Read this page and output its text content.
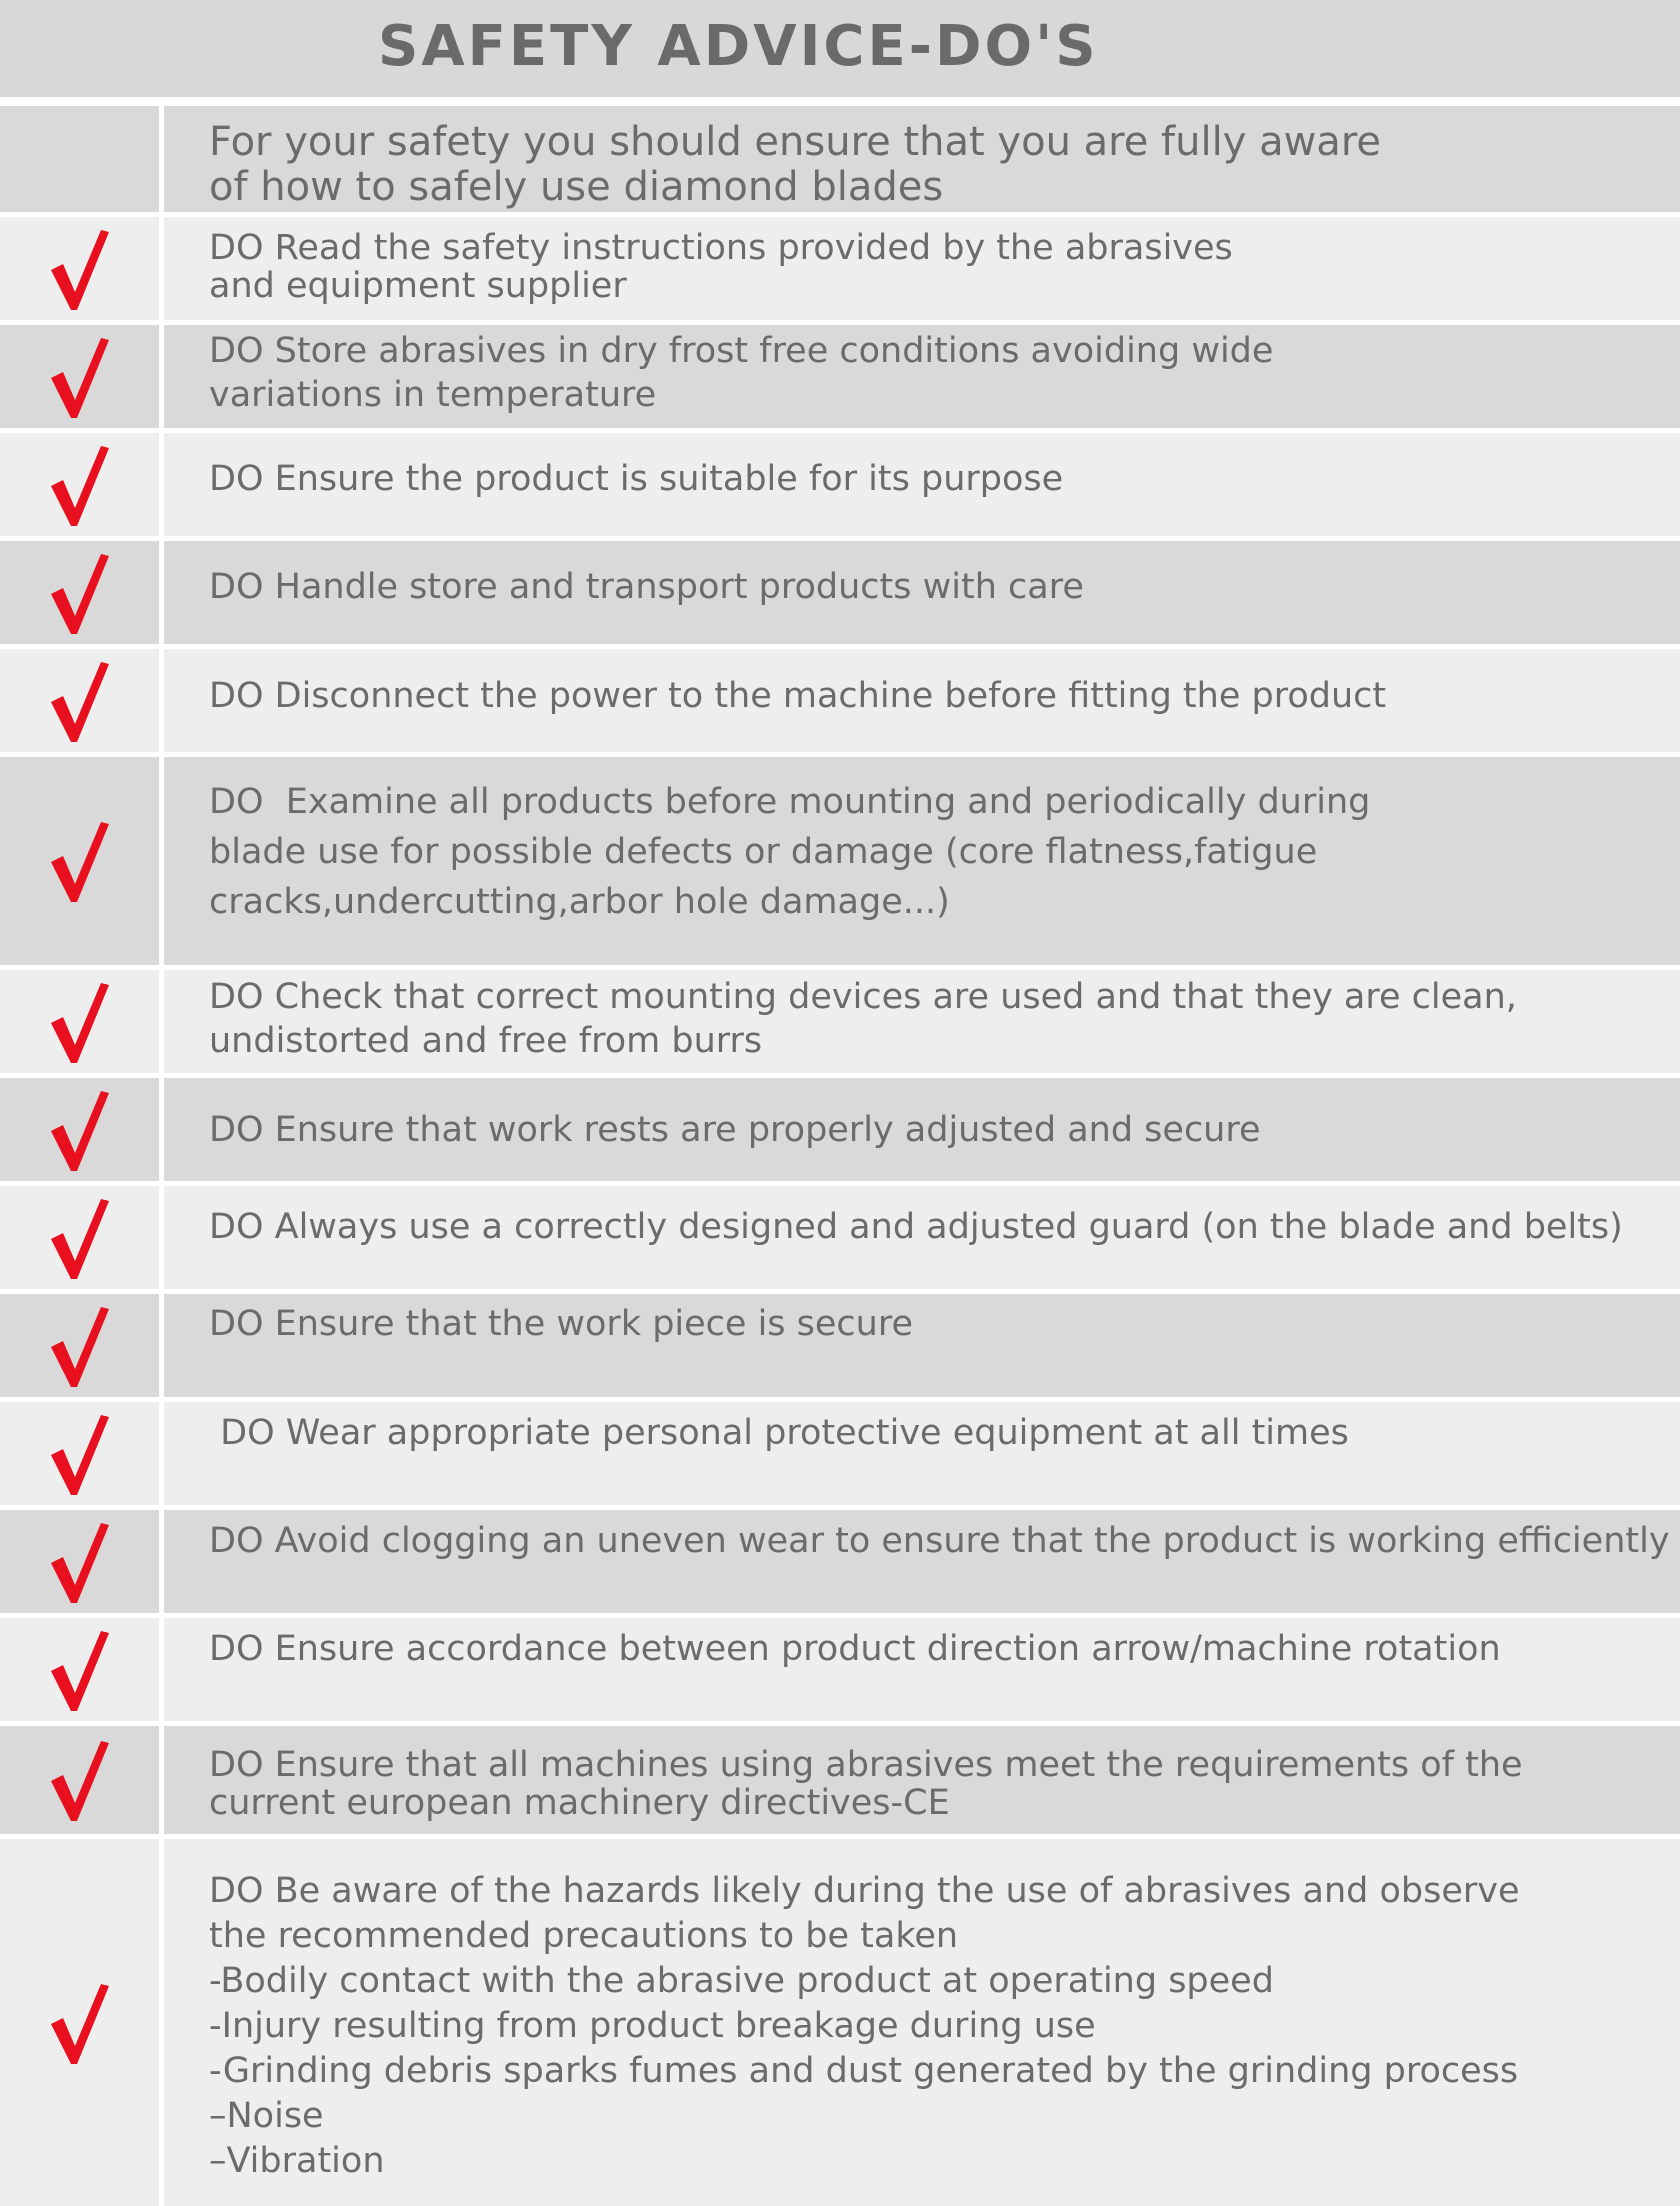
SAFETY ADVICE-DO'S
For your safety you should ensure that you are fully aware
of how to safely use diamond blades
DO Read the safety instructions provided by the abrasives
and equipment supplier
DO Store abrasives in dry frost free conditions avoiding wide
variations in temperature
DO Ensure the product is suitable for its purpose
DO Handle store and transport products with care
DO Disconnect the power to the machine before fitting the product
DO  Examine all products before mounting and periodically during
blade use for possible defects or damage (core flatness,fatigue
cracks,undercutting,arbor hole damage...)
DO Check that correct mounting devices are used and that they are clean,
undistorted and free from burrs
DO Ensure that work rests are properly adjusted and secure
DO Always use a correctly designed and adjusted guard (on the blade and belts)
DO Ensure that the work piece is secure
DO Wear appropriate personal protective equipment at all times
DO Avoid clogging an uneven wear to ensure that the product is working efficiently
DO Ensure accordance between product direction arrow/machine rotation
DO Ensure that all machines using abrasives meet the requirements of the
current european machinery directives-CE
DO Be aware of the hazards likely during the use of abrasives and observe
the recommended precautions to be taken
-Bodily contact with the abrasive product at operating speed
-Injury resulting from product breakage during use
-Grinding debris sparks fumes and dust generated by the grinding process
–Noise
–Vibration
